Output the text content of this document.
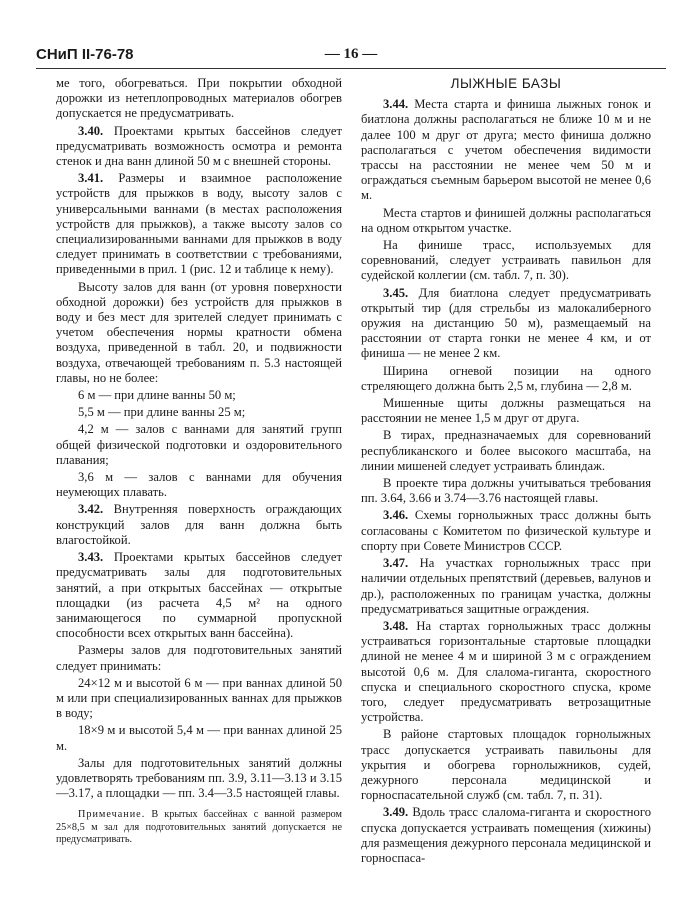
СНиП II-76-78	— 16 —

ме того, обогреваться. При покрытии обходной дорожки из нетеплопроводных материалов обогрев допускается не предусматривать.

3.40. Проектами крытых бассейнов следует предусматривать возможность осмотра и ремонта стенок и дна ванн длиной 50 м с внешней стороны.

3.41. Размеры и взаимное расположение устройств для прыжков в воду, высоту залов с универсальными ваннами (в местах расположения устройств для прыжков), а также высоту залов со специализированными ваннами для прыжков в воду следует принимать в соответствии с требованиями, приведенными в прил. 1 (рис. 12 и таблице к нему).

Высоту залов для ванн (от уровня поверхности обходной дорожки) без устройств для прыжков в воду и без мест для зрителей следует принимать с учетом обеспечения нормы кратности обмена воздуха, приведенной в табл. 20, и подвижности воздуха, отвечающей требованиям п. 5.3 настоящей главы, но не более:

6 м — при длине ванны 50 м;

5,5 м — при длине ванны 25 м;

4,2 м — залов с ваннами для занятий групп общей физической подготовки и оздоровительного плавания;

3,6 м — залов с ваннами для обучения неумеющих плавать.

3.42. Внутренняя поверхность ограждающих конструкций залов для ванн должна быть влагостойкой.

3.43. Проектами крытых бассейнов следует предусматривать залы для подготовительных занятий, а при открытых бассейнах — открытые площадки (из расчета 4,5 м² на одного занимающегося по суммарной пропускной способности всех открытых ванн бассейна).

Размеры залов для подготовительных занятий следует принимать:

24×12 м и высотой 6 м — при ваннах длиной 50 м или при специализированных ваннах для прыжков в воду;

18×9 м и высотой 5,4 м — при ваннах длиной 25 м.

Залы для подготовительных занятий должны удовлетворять требованиям пп. 3.9, 3.11—3.13 и 3.15—3.17, а площадки — пп. 3.4—3.5 настоящей главы.

Примечание. В крытых бассейнах с ванной размером 25×8,5 м зал для подготовительных занятий допускается не предусматривать.

ЛЫЖНЫЕ БАЗЫ

3.44. Места старта и финиша лыжных гонок и биатлона должны располагаться не ближе 10 м и не далее 100 м друг от друга; место финиша должно располагаться с учетом обеспечения видимости трассы на расстоянии не менее чем 50 м и ограждаться съемным барьером высотой не менее 0,6 м.

Места стартов и финишей должны располагаться на одном открытом участке.

На финише трасс, используемых для соревнований, следует устраивать павильон для судейской коллегии (см. табл. 7, п. 30).

3.45. Для биатлона следует предусматривать открытый тир (для стрельбы из малокалиберного оружия на дистанцию 50 м), размещаемый на расстоянии от старта гонки не менее 4 км, и от финиша — не менее 2 км.

Ширина огневой позиции на одного стреляющего должна быть 2,5 м, глубина — 2,8 м.

Мишенные щиты должны размещаться на расстоянии не менее 1,5 м друг от друга.

В тирах, предназначаемых для соревнований республиканского и более высокого масштаба, на линии мишеней следует устраивать блиндаж.

В проекте тира должны учитываться требования пп. 3.64, 3.66 и 3.74—3.76 настоящей главы.

3.46. Схемы горнолыжных трасс должны быть согласованы с Комитетом по физической культуре и спорту при Совете Министров СССР.

3.47. На участках горнолыжных трасс при наличии отдельных препятствий (деревьев, валунов и др.), расположенных по границам участка, должны предусматриваться защитные ограждения.

3.48. На стартах горнолыжных трасс должны устраиваться горизонтальные стартовые площадки длиной не менее 4 м и шириной 3 м с ограждением высотой 0,6 м. Для слалома-гиганта, скоростного спуска и специального скоростного спуска, кроме того, следует предусматривать ветрозащитные устройства.

В районе стартовых площадок горнолыжных трасс допускается устраивать павильоны для укрытия и обогрева горнолыжников, судей, дежурного персонала медицинской и горноспасательной служб (см. табл. 7, п. 31).

3.49. Вдоль трасс слалома-гиганта и скоростного спуска допускается устраивать помещения (хижины) для размещения дежурного персонала медицинской и горноспаса-
